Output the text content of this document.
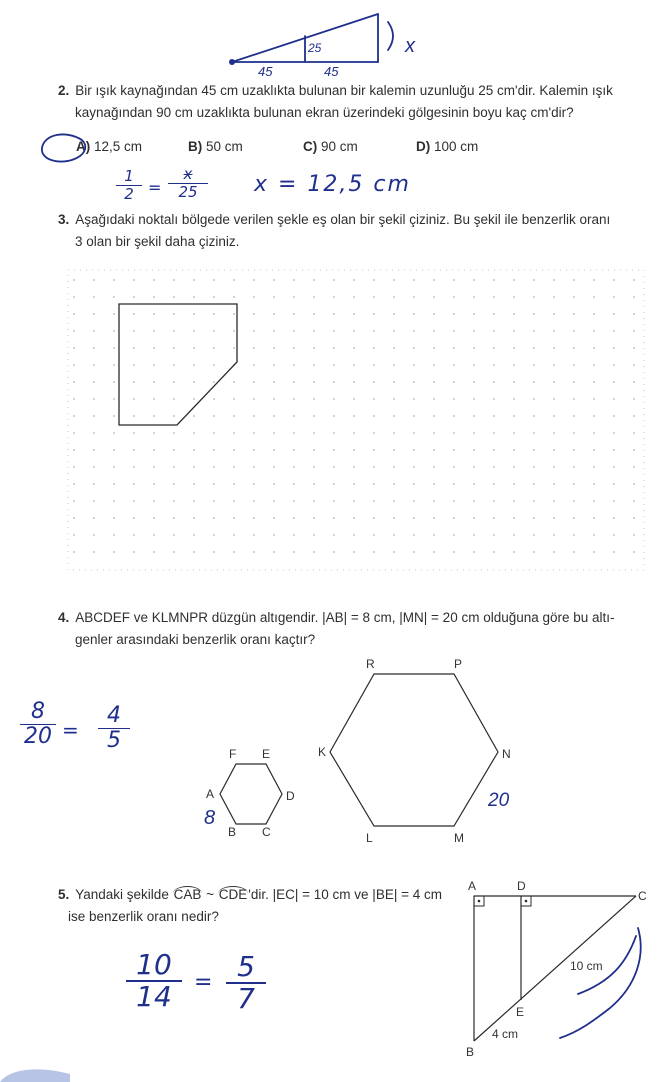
25
45	45
x
2. Bir ışık kaynağından 45 cm uzaklıkta bulunan bir kalemin uzunluğu 25 cm'dir. Kalemin ışık
kaynağından 90 cm uzaklıkta bulunan ekran üzerindeki gölgesinin boyu kaç cm'dir?
A) 12,5 cm	B) 50 cm	C) 90 cm	D) 100 cm
1
2 =
x
25	x = 12,5 cm
3. Aşağıdaki noktalı bölgede verilen şekle eş olan bir şekil çiziniz. Bu şekil ile benzerlik oranı
3 olan bir şekil daha çiziniz.
4. ABCDEF ve KLMNPR düzgün altıgendir. |AB| = 8 cm, |MN| = 20 cm olduğuna göre bu altı-
genler arasındaki benzerlik oranı kaçtır?
8
20 =
4
5
F E
A	D
B C
8
R	P
K	N
L	M
20
5. Yandaki şekilde CAB ~ CDE'dir. |EC| = 10 cm ve |BE| = 4 cm
ise benzerlik oranı nedir?
10
14	= 5
7
A	D
C
E
B
10 cm
4 cm
